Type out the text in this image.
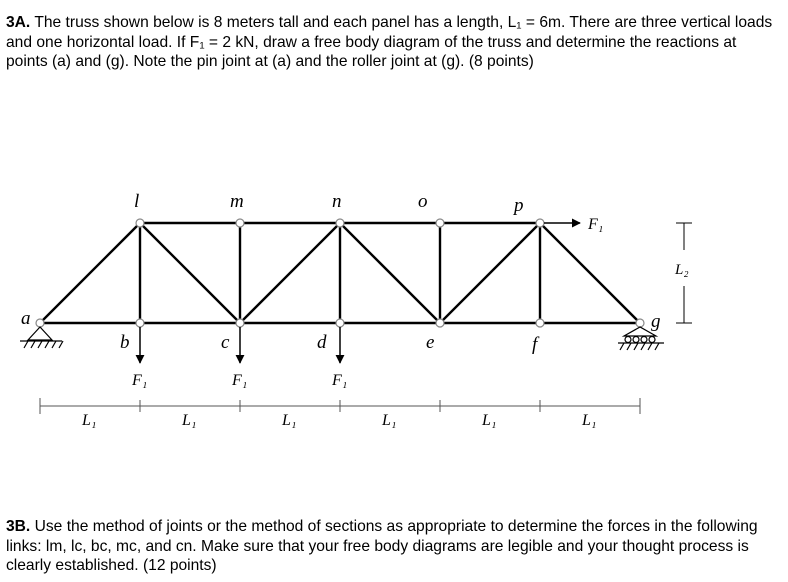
3A. The truss shown below is 8 meters tall and each panel has a length, L₁ = 6m. There are three vertical loads and one horizontal load. If F₁ = 2 kN, draw a free body diagram of the truss and determine the reactions at points (a) and (g). Note the pin joint at (a) and the roller joint at (g). (8 points)

a
b	c	d	e	f
g
l	m	n	o	p
F₁	F₁	F₁
F₁
L₂
L₁	L₁	L₁	L₁	L₁	L₁

3B. Use the method of joints or the method of sections as appropriate to determine the forces in the following links: lm, lc, bc, mc, and cn. Make sure that your free body diagrams are legible and your thought process is clearly established. (12 points)
